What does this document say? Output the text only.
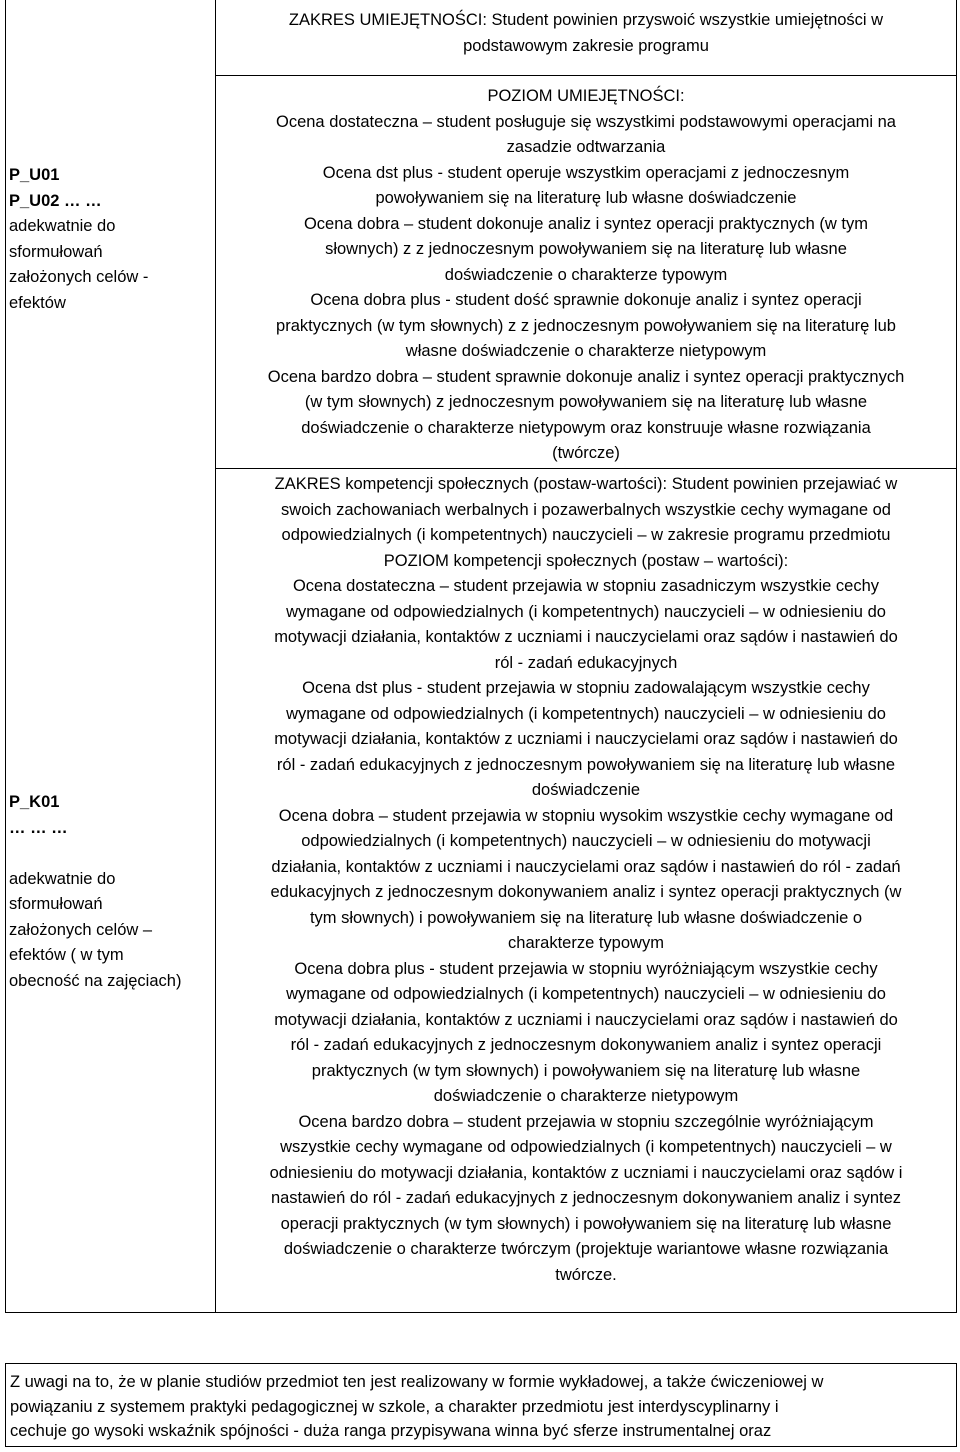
P_U01
P_U02 … …
adekwatnie do
sformułowań
założonych celów -
efektów
P_K01
… … …
adekwatnie do
sformułowań
założonych celów –
efektów ( w tym
obecność na zajęciach)
ZAKRES UMIEJĘTNOŚCI: Student powinien przyswoić wszystkie umiejętności w
podstawowym zakresie programu
POZIOM UMIEJĘTNOŚCI:
Ocena dostateczna – student posługuje się wszystkimi podstawowymi operacjami na
zasadzie odtwarzania
Ocena dst plus - student operuje wszystkim operacjami z jednoczesnym
powoływaniem się na literaturę lub własne doświadczenie
Ocena dobra – student dokonuje analiz i syntez operacji praktycznych (w tym
słownych) z z jednoczesnym powoływaniem się na literaturę lub własne
doświadczenie o charakterze typowym
Ocena dobra plus - student dość sprawnie dokonuje analiz i syntez operacji
praktycznych (w tym słownych) z z jednoczesnym powoływaniem się na literaturę lub
własne doświadczenie o charakterze nietypowym
Ocena bardzo dobra – student sprawnie dokonuje analiz i syntez operacji praktycznych
(w tym słownych) z jednoczesnym powoływaniem się na literaturę lub własne
doświadczenie o charakterze nietypowym oraz konstruuje własne rozwiązania
(twórcze)
ZAKRES kompetencji społecznych (postaw-wartości): Student powinien przejawiać w
swoich zachowaniach werbalnych i pozawerbalnych wszystkie cechy wymagane od
odpowiedzialnych (i kompetentnych) nauczycieli – w zakresie programu przedmiotu
POZIOM kompetencji społecznych (postaw – wartości):
Ocena dostateczna – student przejawia w stopniu zasadniczym wszystkie cechy
wymagane od odpowiedzialnych (i kompetentnych) nauczycieli – w odniesieniu do
motywacji działania, kontaktów z uczniami i nauczycielami oraz sądów i nastawień do
ról - zadań edukacyjnych
Ocena dst plus - student przejawia w stopniu zadowalającym wszystkie cechy
wymagane od odpowiedzialnych (i kompetentnych) nauczycieli – w odniesieniu do
motywacji działania, kontaktów z uczniami i nauczycielami oraz sądów i nastawień do
ról - zadań edukacyjnych z jednoczesnym powoływaniem się na literaturę lub własne
doświadczenie
Ocena dobra – student przejawia w stopniu wysokim wszystkie cechy wymagane od
odpowiedzialnych (i kompetentnych) nauczycieli – w odniesieniu do motywacji
działania, kontaktów z uczniami i nauczycielami oraz sądów i nastawień do ról - zadań
edukacyjnych z jednoczesnym dokonywaniem analiz i syntez operacji praktycznych (w
tym słownych) i powoływaniem się na literaturę lub własne doświadczenie o
charakterze typowym
Ocena dobra plus - student przejawia w stopniu wyróżniającym wszystkie cechy
wymagane od odpowiedzialnych (i kompetentnych) nauczycieli – w odniesieniu do
motywacji działania, kontaktów z uczniami i nauczycielami oraz sądów i nastawień do
ról - zadań edukacyjnych z jednoczesnym dokonywaniem analiz i syntez operacji
praktycznych (w tym słownych) i powoływaniem się na literaturę lub własne
doświadczenie o charakterze nietypowym
Ocena bardzo dobra – student przejawia w stopniu szczególnie wyróżniającym
wszystkie cechy wymagane od odpowiedzialnych (i kompetentnych) nauczycieli – w
odniesieniu do motywacji działania, kontaktów z uczniami i nauczycielami oraz sądów i
nastawień do ról - zadań edukacyjnych z jednoczesnym dokonywaniem analiz i syntez
operacji praktycznych (w tym słownych) i powoływaniem się na literaturę lub własne
doświadczenie o charakterze twórczym (projektuje wariantowe własne rozwiązania
twórcze.
Z uwagi na to, że w planie studiów przedmiot ten jest realizowany w formie wykładowej, a także ćwiczeniowej w
powiązaniu z systemem praktyki pedagogicznej w szkole, a charakter przedmiotu jest interdyscyplinarny i
cechuje go wysoki wskaźnik spójności - duża ranga przypisywana winna być sferze instrumentalnej oraz
